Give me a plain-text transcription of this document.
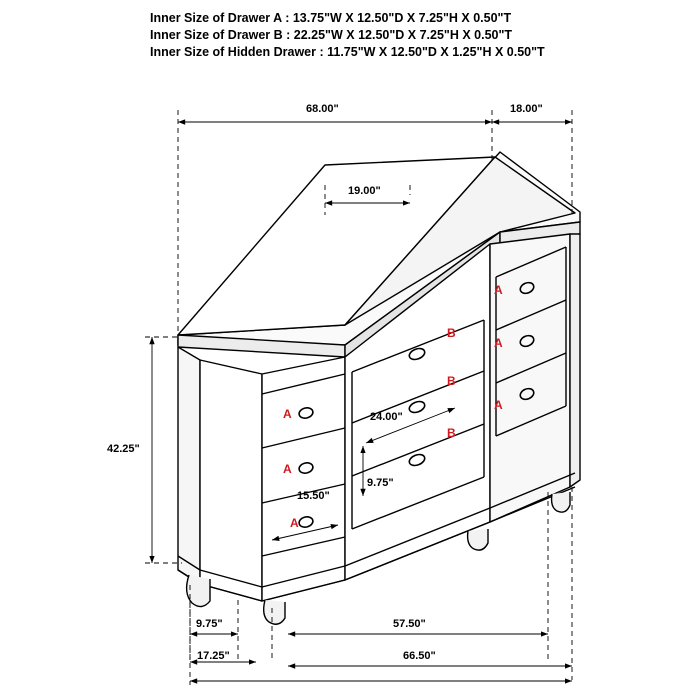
Inner Size of Drawer A : 13.75"W X 12.50"D X 7.25"H X 0.50"T
Inner Size of Drawer B : 22.25"W X 12.50"D X 7.25"H X 0.50"T
Inner Size of Hidden Drawer : 11.75"W X 12.50"D X 1.25"H X 0.50"T
68.00"	18.00"
19.00"
42.25"
24.00"
15.50"
9.75"
9.75"
17.25"
57.50"
66.50"
A
A
A
B
B
B
A
A
A
